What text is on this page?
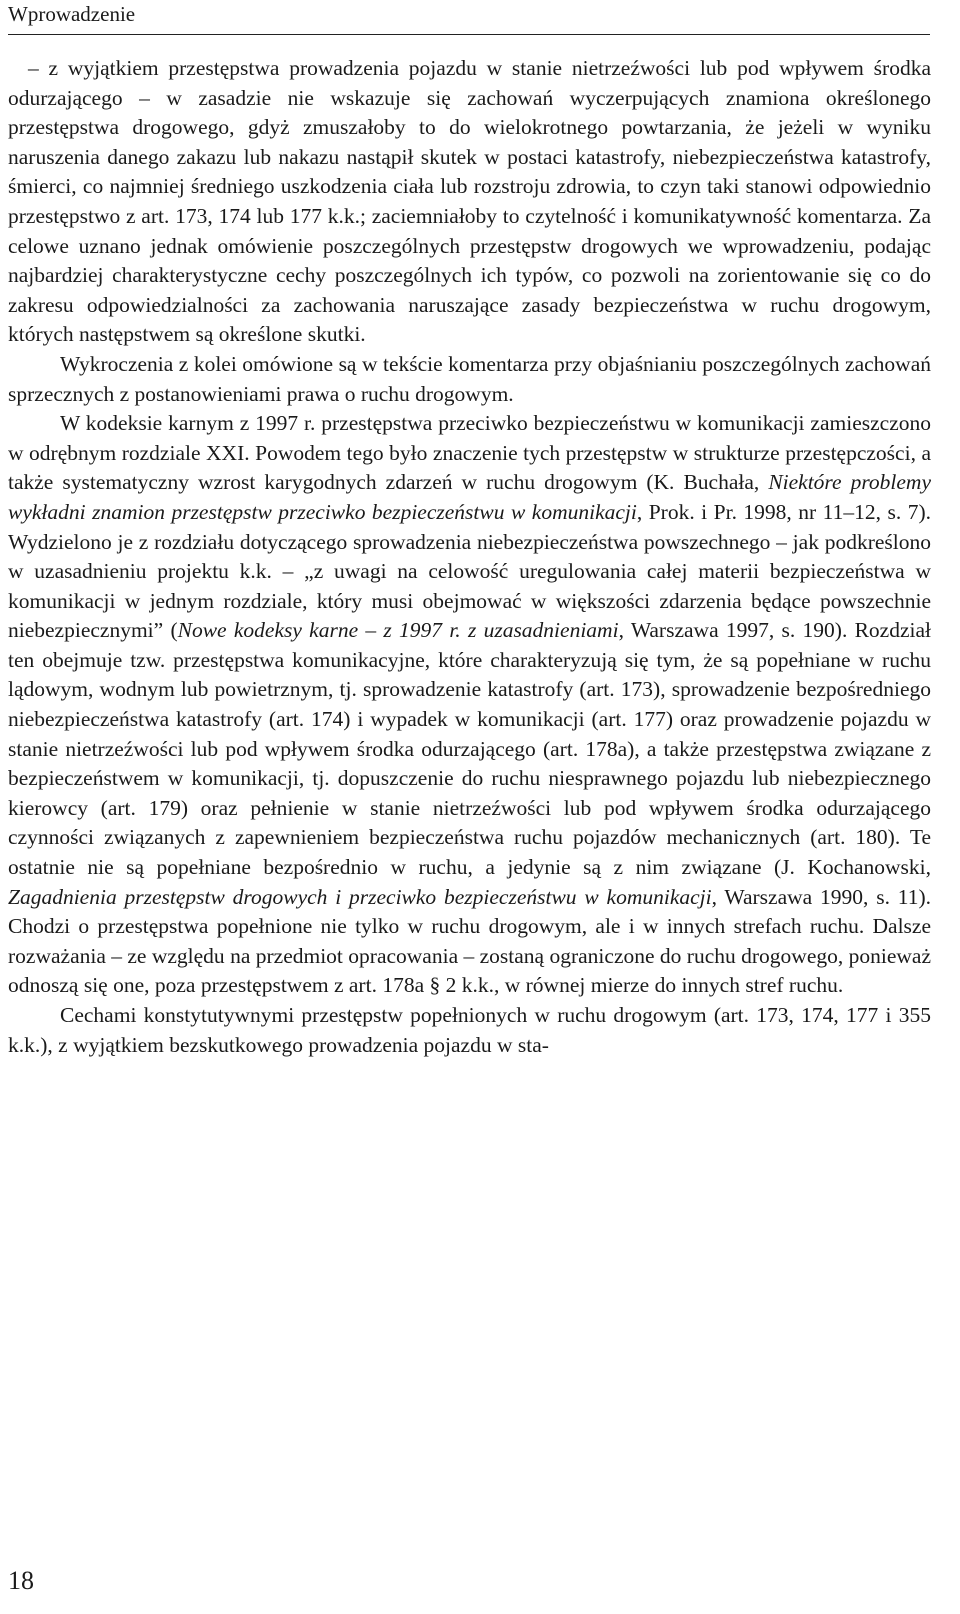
Wprowadzenie

– z wyjątkiem przestępstwa prowadzenia pojazdu w stanie nietrzeźwości lub pod wpływem środka odurzającego – w zasadzie nie wskazuje się zachowań wyczerpujących znamiona określonego przestępstwa drogowego, gdyż zmuszałoby to do wielokrotnego powtarzania, że jeżeli w wyniku naruszenia danego zakazu lub nakazu nastąpił skutek w postaci katastrofy, niebezpieczeństwa katastrofy, śmierci, co najmniej średniego uszkodzenia ciała lub rozstroju zdrowia, to czyn taki stanowi odpowiednio przestępstwo z art. 173, 174 lub 177 k.k.; zaciemniałoby to czytelność i komunikatywność komentarza. Za celowe uznano jednak omówienie poszczególnych przestępstw drogowych we wprowadzeniu, podając najbardziej charakterystyczne cechy poszczególnych ich typów, co pozwoli na zorientowanie się co do zakresu odpowiedzialności za zachowania naruszające zasady bezpieczeństwa w ruchu drogowym, których następstwem są określone skutki.

Wykroczenia z kolei omówione są w tekście komentarza przy objaśnianiu poszczególnych zachowań sprzecznych z postanowieniami prawa o ruchu drogowym.

W kodeksie karnym z 1997 r. przestępstwa przeciwko bezpieczeństwu w komunikacji zamieszczono w odrębnym rozdziale XXI. Powodem tego było znaczenie tych przestępstw w strukturze przestępczości, a także systematyczny wzrost karygodnych zdarzeń w ruchu drogowym (K. Buchała, Niektóre problemy wykładni znamion przestępstw przeciwko bezpieczeństwu w komunikacji, Prok. i Pr. 1998, nr 11–12, s. 7). Wydzielono je z rozdziału dotyczącego sprowadzenia niebezpieczeństwa powszechnego – jak podkreślono w uzasadnieniu projektu k.k. – „z uwagi na celowość uregulowania całej materii bezpieczeństwa w komunikacji w jednym rozdziale, który musi obejmować w większości zdarzenia będące powszechnie niebezpiecznymi” (Nowe kodeksy karne – z 1997 r. z uzasadnieniami, Warszawa 1997, s. 190). Rozdział ten obejmuje tzw. przestępstwa komunikacyjne, które charakteryzują się tym, że są popełniane w ruchu lądowym, wodnym lub powietrznym, tj. sprowadzenie katastrofy (art. 173), sprowadzenie bezpośredniego niebezpieczeństwa katastrofy (art. 174) i wypadek w komunikacji (art. 177) oraz prowadzenie pojazdu w stanie nietrzeźwości lub pod wpływem środka odurzającego (art. 178a), a także przestępstwa związane z bezpieczeństwem w komunikacji, tj. dopuszczenie do ruchu niesprawnego pojazdu lub niebezpiecznego kierowcy (art. 179) oraz pełnienie w stanie nietrzeźwości lub pod wpływem środka odurzającego czynności związanych z zapewnieniem bezpieczeństwa ruchu pojazdów mechanicznych (art. 180). Te ostatnie nie są popełniane bezpośrednio w ruchu, a jedynie są z nim związane (J. Kochanowski, Zagadnienia przestępstw drogowych i przeciwko bezpieczeństwu w komunikacji, Warszawa 1990, s. 11). Chodzi o przestępstwa popełnione nie tylko w ruchu drogowym, ale i w innych strefach ruchu. Dalsze rozważania – ze względu na przedmiot opracowania – zostaną ograniczone do ruchu drogowego, ponieważ odnoszą się one, poza przestępstwem z art. 178a § 2 k.k., w równej mierze do innych stref ruchu.

Cechami konstytutywnymi przestępstw popełnionych w ruchu drogowym (art. 173, 174, 177 i 355 k.k.), z wyjątkiem bezskutkowego prowadzenia pojazdu w sta-

18
